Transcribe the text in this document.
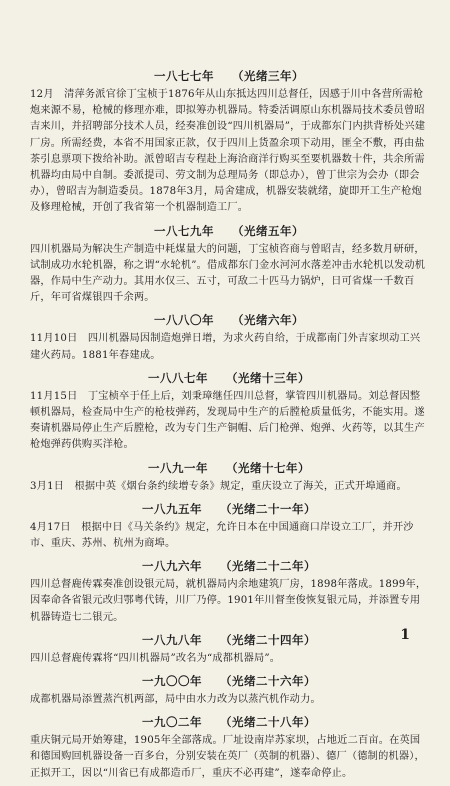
一八七七年 （光绪三年）
12月　清萍务派官徐丁宝桢于1876年从山东抵达四川总督任，因感于川中各营所需枪炮来源不易，枪械的修理亦难，即拟筹办机器局。特委活调原山东机器局技术委员曾昭吉来川，并招聘部分技术人员，经奏准创设“四川机器局”，于成都东门内拱背桥处兴建厂房。所需经费，本省不用国家正款，仅于四川上货盈余项下动用，匪全不敷，再由盐茶引息票项下拨给补助。派曾昭吉专程赴上海洽商洋行购买至要机器数十件，共余所需机器均由局中自制。委派提司、劳文制为总理局务（即总办），曾丁世宗为会办（即会办），曾昭吉为制造委员。1878年3月，局舍建成，机器安装就绪，旋即开工生产枪炮及修理枪械，开创了我省第一个机器制造工厂。
一八七九年 （光绪五年）
四川机器局为解决生产制造中耗煤量大的问题，丁宝桢咨商与曾昭吉，经多数月研研，试制成功水轮机器，称之谓“水轮机”。借成都东门金水河河水落差冲击水轮机以发动机器，作局中生产动力。其用水仅三、五寸，可敌二十匹马力锅炉，日可省煤一千数百斤，年可省煤银四千余两。
一八八〇年 （光绪六年）
11月10日　四川机器局因制造炮弹日增，为求火药自给，于成都南门外吉家坝动工兴建火药局。1881年春建成。
一八八七年 （光绪十三年）
11月15日　丁宝桢卒于任上后，刘秉璋继任四川总督，掌管四川机器局。刘总督因整顿机器局，检查局中生产的枪枝弹药，发现局中生产的后膛枪质量低劣，不能实用。遂奏请机器局停止生产后膛枪，改为专门生产铜帽、后门枪弹、炮弹、火药等，以其生产枪炮弹药供购买洋枪。
一八九一年 （光绪十七年）
3月1日　根据中英《烟台条约续增专条》规定，重庆设立了海关，正式开埠通商。
一八九五年 （光绪二十一年）
4月17日　根据中日《马关条约》规定，允许日本在中国通商口岸设立工厂，并开沙市、重庆、苏州、杭州为商埠。
一八九六年 （光绪二十二年）
四川总督鹿传霖奏准创设银元局，就机器局内余地建筑厂房，1898年落成。1899年，因奉命各省银元改归鄂粤代铸，川厂乃停。1901年川督奎俊恢复银元局，并添置专用机器铸造七二银元。
一八九八年 （光绪二十四年）
四川总督鹿传霖将“四川机器局”改名为“成都机器局”。
一九〇〇年 （光绪二十六年）
成都机器局添置蒸汽机两部，局中由水力改为以蒸汽机作动力。
一九〇二年 （光绪二十八年）
重庆铜元局开始筹建，1905年全部落成。厂址设南岸苏家坝，占地近二百亩。在英国和德国购回机器设备一百多台，分别安装在英厂（英制的机器）、德厂（德制的机器），正拟开工，因以“川省已有成都造币厂，重庆不必再建”，遂奉命停止。
1
